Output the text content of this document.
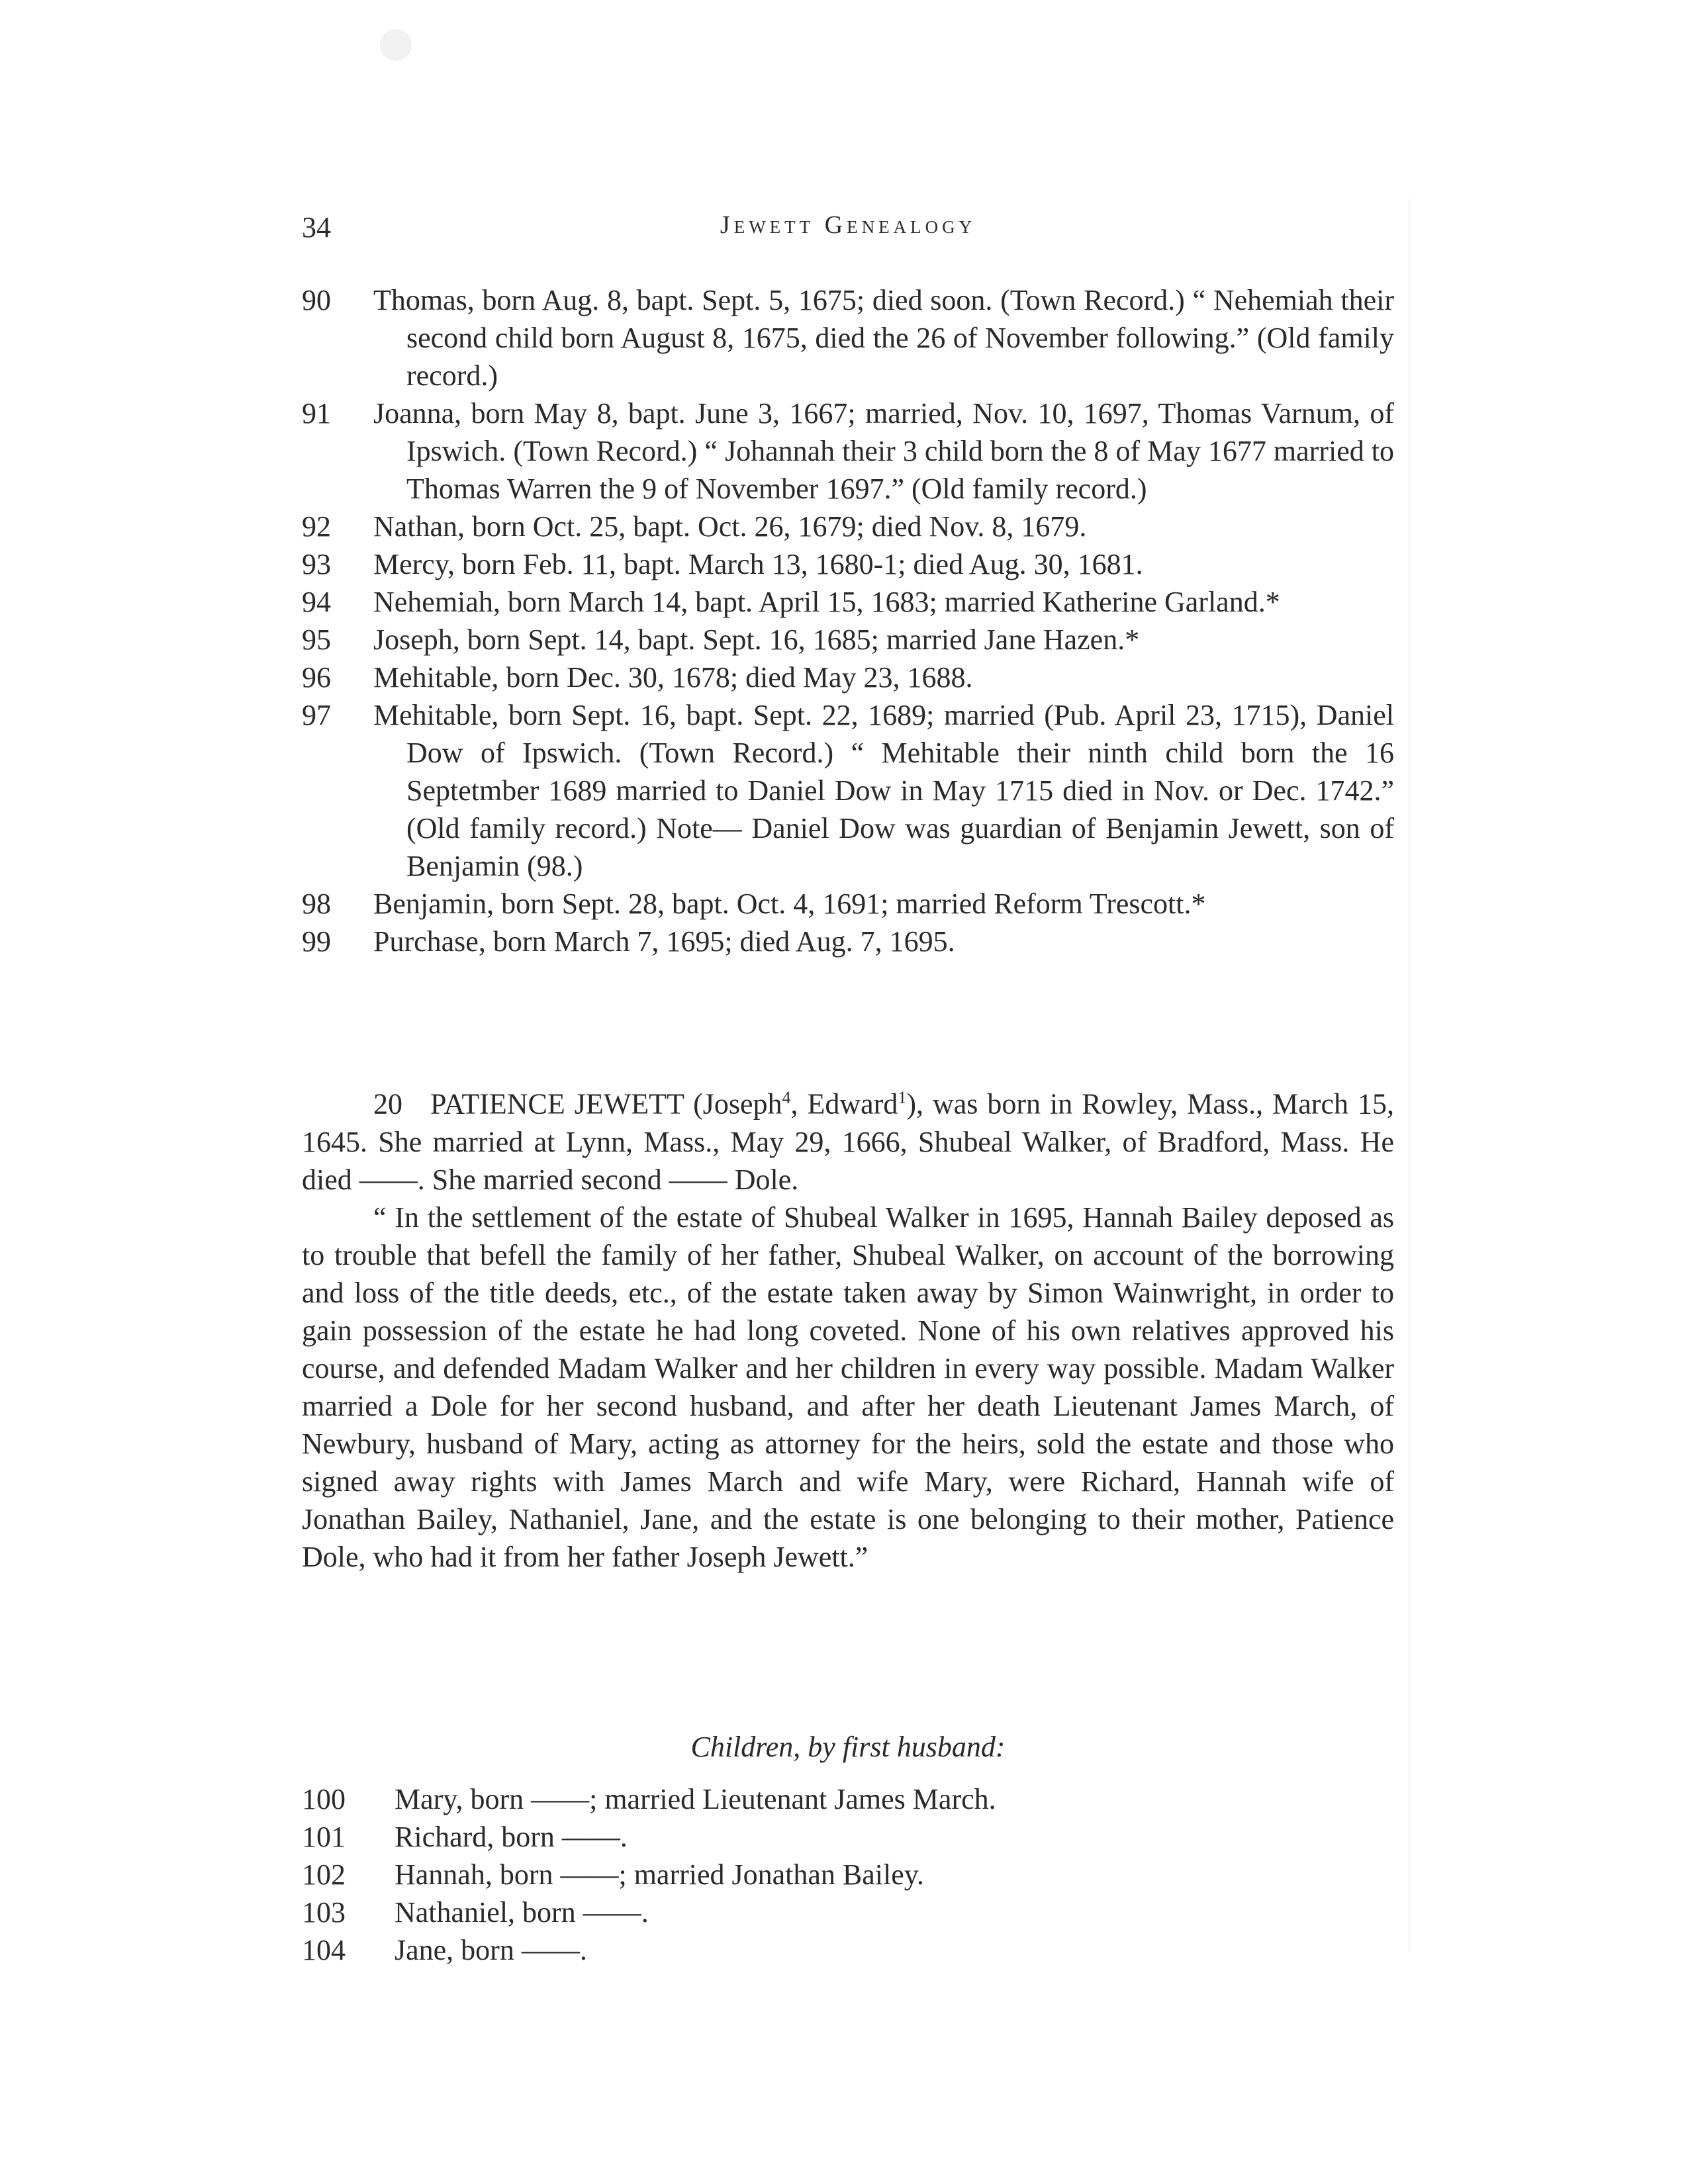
34	Jewett Genealogy
90	Thomas, born Aug. 8, bapt. Sept. 5, 1675; died soon. (Town Record.) “ Nehemiah their second child born August 8, 1675, died the 26 of November following.” (Old family record.)
91	Joanna, born May 8, bapt. June 3, 1667; married, Nov. 10, 1697, Thomas Varnum, of Ipswich. (Town Record.) “ Johannah their 3 child born the 8 of May 1677 married to Thomas Warren the 9 of November 1697.” (Old family record.)
92	Nathan, born Oct. 25, bapt. Oct. 26, 1679; died Nov. 8, 1679.
93	Mercy, born Feb. 11, bapt. March 13, 1680-1; died Aug. 30, 1681.
94	Nehemiah, born March 14, bapt. April 15, 1683; married Katherine Garland.*
95	Joseph, born Sept. 14, bapt. Sept. 16, 1685; married Jane Hazen.*
96	Mehitable, born Dec. 30, 1678; died May 23, 1688.
97	Mehitable, born Sept. 16, bapt. Sept. 22, 1689; married (Pub. April 23, 1715), Daniel Dow of Ipswich. (Town Record.) “ Mehitable their ninth child born the 16 Septetmber 1689 married to Daniel Dow in May 1715 died in Nov. or Dec. 1742.” (Old family record.) Note— Daniel Dow was guardian of Benjamin Jewett, son of Benjamin (98.)
98	Benjamin, born Sept. 28, bapt. Oct. 4, 1691; married Reform Trescott.*
99	Purchase, born March 7, 1695; died Aug. 7, 1695.

20 PATIENCE JEWETT (Joseph$^4$, Edward$^1$), was born in Rowley, Mass., March 15, 1645. She married at Lynn, Mass., May 29, 1666, Shubeal Walker, of Bradford, Mass. He died ——. She married second —— Dole.

“ In the settlement of the estate of Shubeal Walker in 1695, Hannah Bailey deposed as to trouble that befell the family of her father, Shubeal Walker, on account of the borrowing and loss of the title deeds, etc., of the estate taken away by Simon Wainwright, in order to gain possession of the estate he had long coveted. None of his own relatives approved his course, and defended Madam Walker and her children in every way possible. Madam Walker married a Dole for her second husband, and after her death Lieutenant James March, of Newbury, husband of Mary, acting as attorney for the heirs, sold the estate and those who signed away rights with James March and wife Mary, were Richard, Hannah wife of Jonathan Bailey, Nathaniel, Jane, and the estate is one belonging to their mother, Patience Dole, who had it from her father Joseph Jewett.”

Children, by first husband:
100	Mary, born ——; married Lieutenant James March.
101	Richard, born ——.
102	Hannah, born ——; married Jonathan Bailey.
103	Nathaniel, born ——.
104	Jane, born ——.
